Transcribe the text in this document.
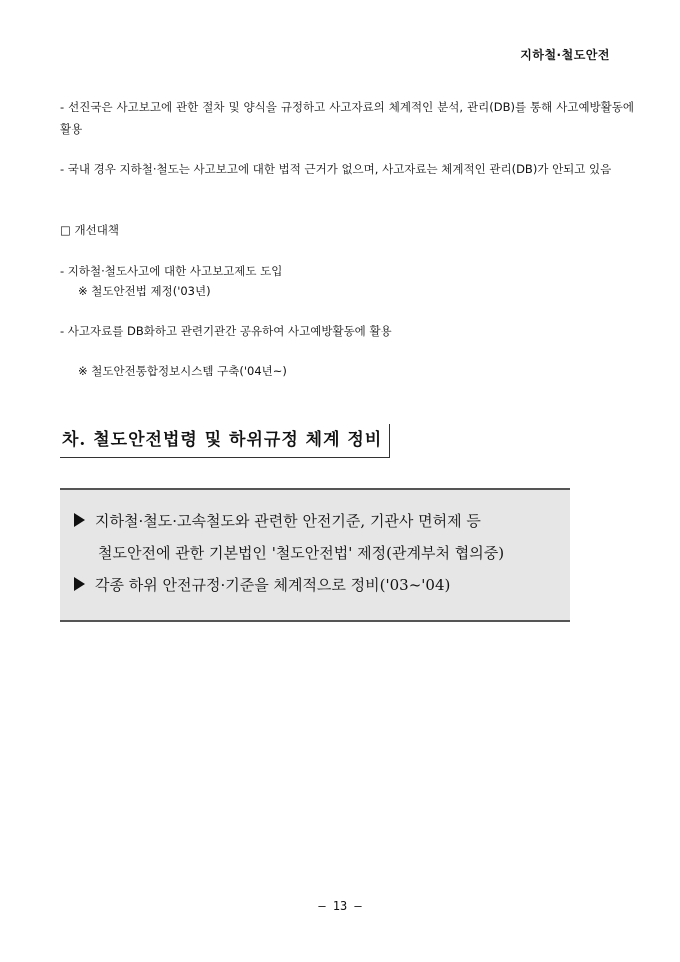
지하철·철도안전
- 선진국은 사고보고에 관한 절차 및 양식을 규정하고 사고자료의 체계적인 분석, 관리(DB)를 통해 사고예방활동에 활용
- 국내 경우 지하철·철도는 사고보고에 대한 법적 근거가 없으며, 사고자료는 체계적인 관리(DB)가 안되고 있음
□ 개선대책
- 지하철·철도사고에 대한 사고보고제도 도입
※ 철도안전법 제정('03년)
- 사고자료를 DB화하고 관련기관간 공유하여 사고예방활동에 활용
※ 철도안전통합정보시스템 구축('04년~)
차. 철도안전법령 및 하위규정 체계 정비
지하철·철도·고속철도와 관련한 안전기준, 기관사 면허제 등
철도안전에 관한 기본법인 '철도안전법' 제정(관계부처 협의중)
각종 하위 안전규정·기준을 체계적으로 정비('03~'04)
– 13 –
